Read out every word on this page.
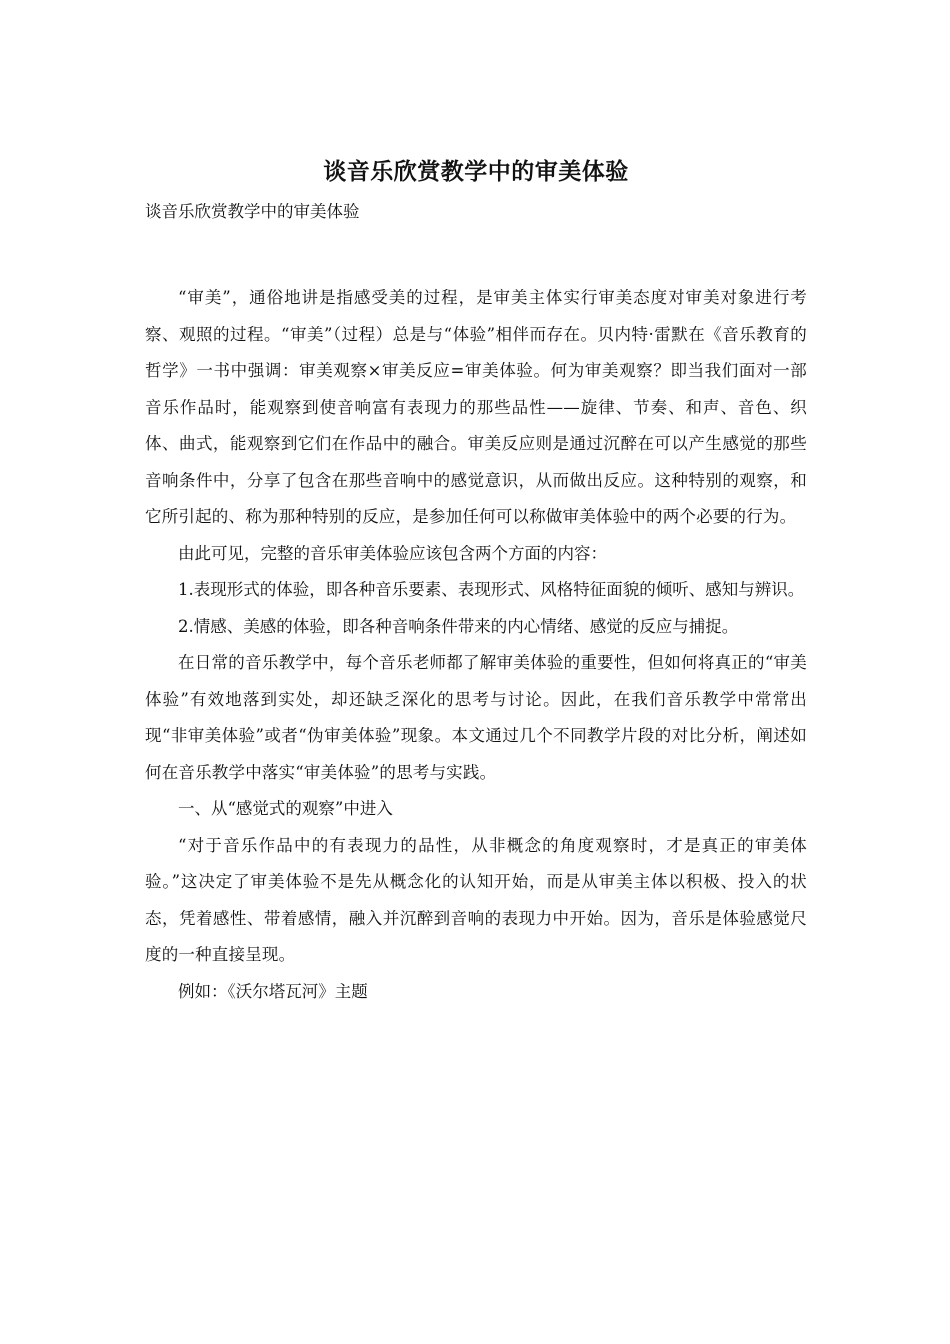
谈音乐欣赏教学中的审美体验

谈音乐欣赏教学中的审美体验

“审美”，通俗地讲是指感受美的过程，是审美主体实行审美态度对审美对象进行考察、观照的过程。“审美”（过程）总是与“体验”相伴而存在。贝内特·雷默在《音乐教育的哲学》一书中强调：审美观察×审美反应=审美体验。何为审美观察？即当我们面对一部音乐作品时，能观察到使音响富有表现力的那些品性——旋律、节奏、和声、音色、织体、曲式，能观察到它们在作品中的融合。审美反应则是通过沉醉在可以产生感觉的那些音响条件中，分享了包含在那些音响中的感觉意识，从而做出反应。这种特别的观察，和它所引起的、称为那种特别的反应，是参加任何可以称做审美体验中的两个必要的行为。

由此可见，完整的音乐审美体验应该包含两个方面的内容：

1.表现形式的体验，即各种音乐要素、表现形式、风格特征面貌的倾听、感知与辨识。

2.情感、美感的体验，即各种音响条件带来的内心情绪、感觉的反应与捕捉。

在日常的音乐教学中，每个音乐老师都了解审美体验的重要性，但如何将真正的“审美体验”有效地落到实处，却还缺乏深化的思考与讨论。因此，在我们音乐教学中常常出现“非审美体验”或者“伪审美体验”现象。本文通过几个不同教学片段的对比分析，阐述如何在音乐教学中落实“审美体验”的思考与实践。

一、从“感觉式的观察”中进入

“对于音乐作品中的有表现力的品性，从非概念的角度观察时，才是真正的审美体验。”这决定了审美体验不是先从概念化的认知开始，而是从审美主体以积极、投入的状态，凭着感性、带着感情，融入并沉醉到音响的表现力中开始。因为，音乐是体验感觉尺度的一种直接呈现。

例如：《沃尔塔瓦河》主题
